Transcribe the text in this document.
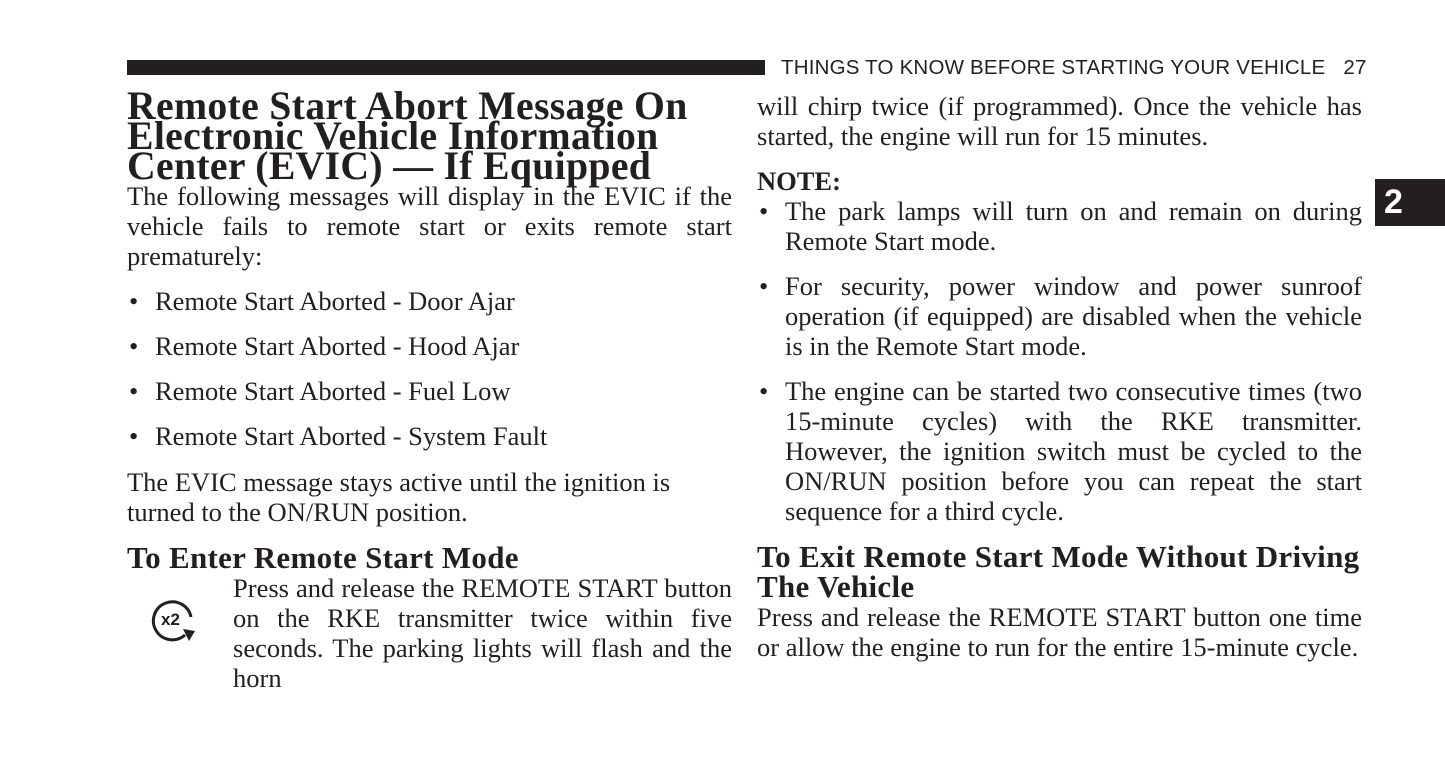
THINGS TO KNOW BEFORE STARTING YOUR VEHICLE 27
2
Remote Start Abort Message On Electronic Vehicle Information Center (EVIC) — If Equipped

The following messages will display in the EVIC if the vehicle fails to remote start or exits remote start prematurely:

• Remote Start Aborted - Door Ajar
• Remote Start Aborted - Hood Ajar
• Remote Start Aborted - Fuel Low
• Remote Start Aborted - System Fault

The EVIC message stays active until the ignition is turned to the ON/RUN position.

To Enter Remote Start Mode
x2

Press and release the REMOTE START button on the RKE transmitter twice within five seconds. The parking lights will flash and the horn

will chirp twice (if programmed). Once the vehicle has started, the engine will run for 15 minutes.

NOTE:

• The park lamps will turn on and remain on during Remote Start mode.
• For security, power window and power sunroof operation (if equipped) are disabled when the vehicle is in the Remote Start mode.
• The engine can be started two consecutive times (two 15-minute cycles) with the RKE transmitter. However, the ignition switch must be cycled to the ON/RUN position before you can repeat the start sequence for a third cycle.
To Exit Remote Start Mode Without Driving The Vehicle

Press and release the REMOTE START button one time or allow the engine to run for the entire 15-minute cycle.
